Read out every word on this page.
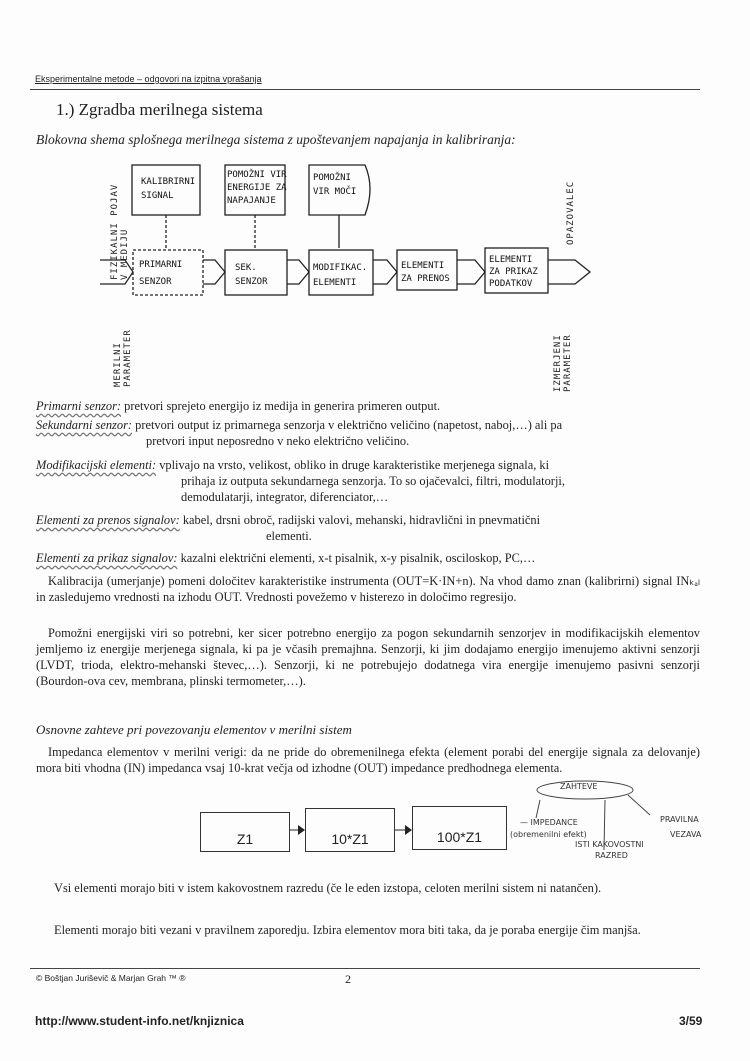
Eksperimentalne metode – odgovori na izpitna vprašanja
1.) Zgradba merilnega sistema
Blokovna shema splošnega merilnega sistema z upoštevanjem napajanja in kalibriranja:
FIZIKALNI POJAV
V MEDIJU
OPAZOVALEC
MERILNI
PARAMETER	IZMERJENI
PARAMETER
KALIBRIRNI
SIGNAL
POMOŽNI VIR
ENERGIJE ZA
NAPAJANJE
POMOŽNI
VIR MOČI
PRIMARNI
SENZOR
SEK.
SENZOR
MODIFIKAC.
ELEMENTI
ELEMENTI
ZA PRENOS
ELEMENTI
ZA PRIKAZ
PODATKOV
Primarni senzor: pretvori sprejeto energijo iz medija in generira primeren output.
Sekundarni senzor: pretvori output iz primarnega senzorja v električno veličino (napetost, naboj,…) ali pa
pretvori input neposredno v neko električno veličino.
Modifikacijski elementi: vplivajo na vrsto, velikost, obliko in druge karakteristike merjenega signala, ki
prihaja iz outputa sekundarnega senzorja. To so ojačevalci, filtri, modulatorji,
demodulatarji, integrator, diferenciator,…
Elementi za prenos signalov: kabel, drsni obroč, radijski valovi, mehanski, hidravlični in pnevmatični
elementi.
Elementi za prikaz signalov: kazalni električni elementi, x-t pisalnik, x-y pisalnik, osciloskop, PC,…
Kalibracija (umerjanje) pomeni določitev karakteristike instrumenta (OUT=K·IN+n). Na vhod damo znan (kalibrirni) signal INₖₐₗ in zasledujemo vrednosti na izhodu OUT. Vrednosti povežemo v histerezo in določimo regresijo.
Pomožni energijski viri so potrebni, ker sicer potrebno energijo za pogon sekundarnih senzorjev in modifikacijskih elementov jemljemo iz energije merjenega signala, ki pa je včasih premajhna. Senzorji, ki jim dodajamo energijo imenujemo aktivni senzorji (LVDT, trioda, elektro-mehanski števec,…). Senzorji, ki ne potrebujejo dodatnega vira energije imenujemo pasivni senzorji (Bourdon-ova cev, membrana, plinski termometer,…).
Osnovne zahteve pri povezovanju elementov v merilni sistem
Impedanca elementov v merilni verigi: da ne pride do obremenilnega efekta (element porabi del energije signala za delovanje) mora biti vhodna (IN) impedanca vsaj 10-krat večja od izhodne (OUT) impedance predhodnega elementa.
Z1	10*Z1	100*Z1
ZAHTEVE
— IMPEDANCE
(obremenilni efekt)
ISTI KAKOVOSTNI
RAZRED
PRAVILNA
VEZAVA
Vsi elementi morajo biti v istem kakovostnem razredu (če le eden izstopa, celoten merilni sistem ni natančen).
Elementi morajo biti vezani v pravilnem zaporedju. Izbira elementov mora biti taka, da je poraba energije čim manjša.
© Boštjan Juriševič & Marjan Grah ™ ®	2
http://www.student-info.net/knjiznica	3/59
